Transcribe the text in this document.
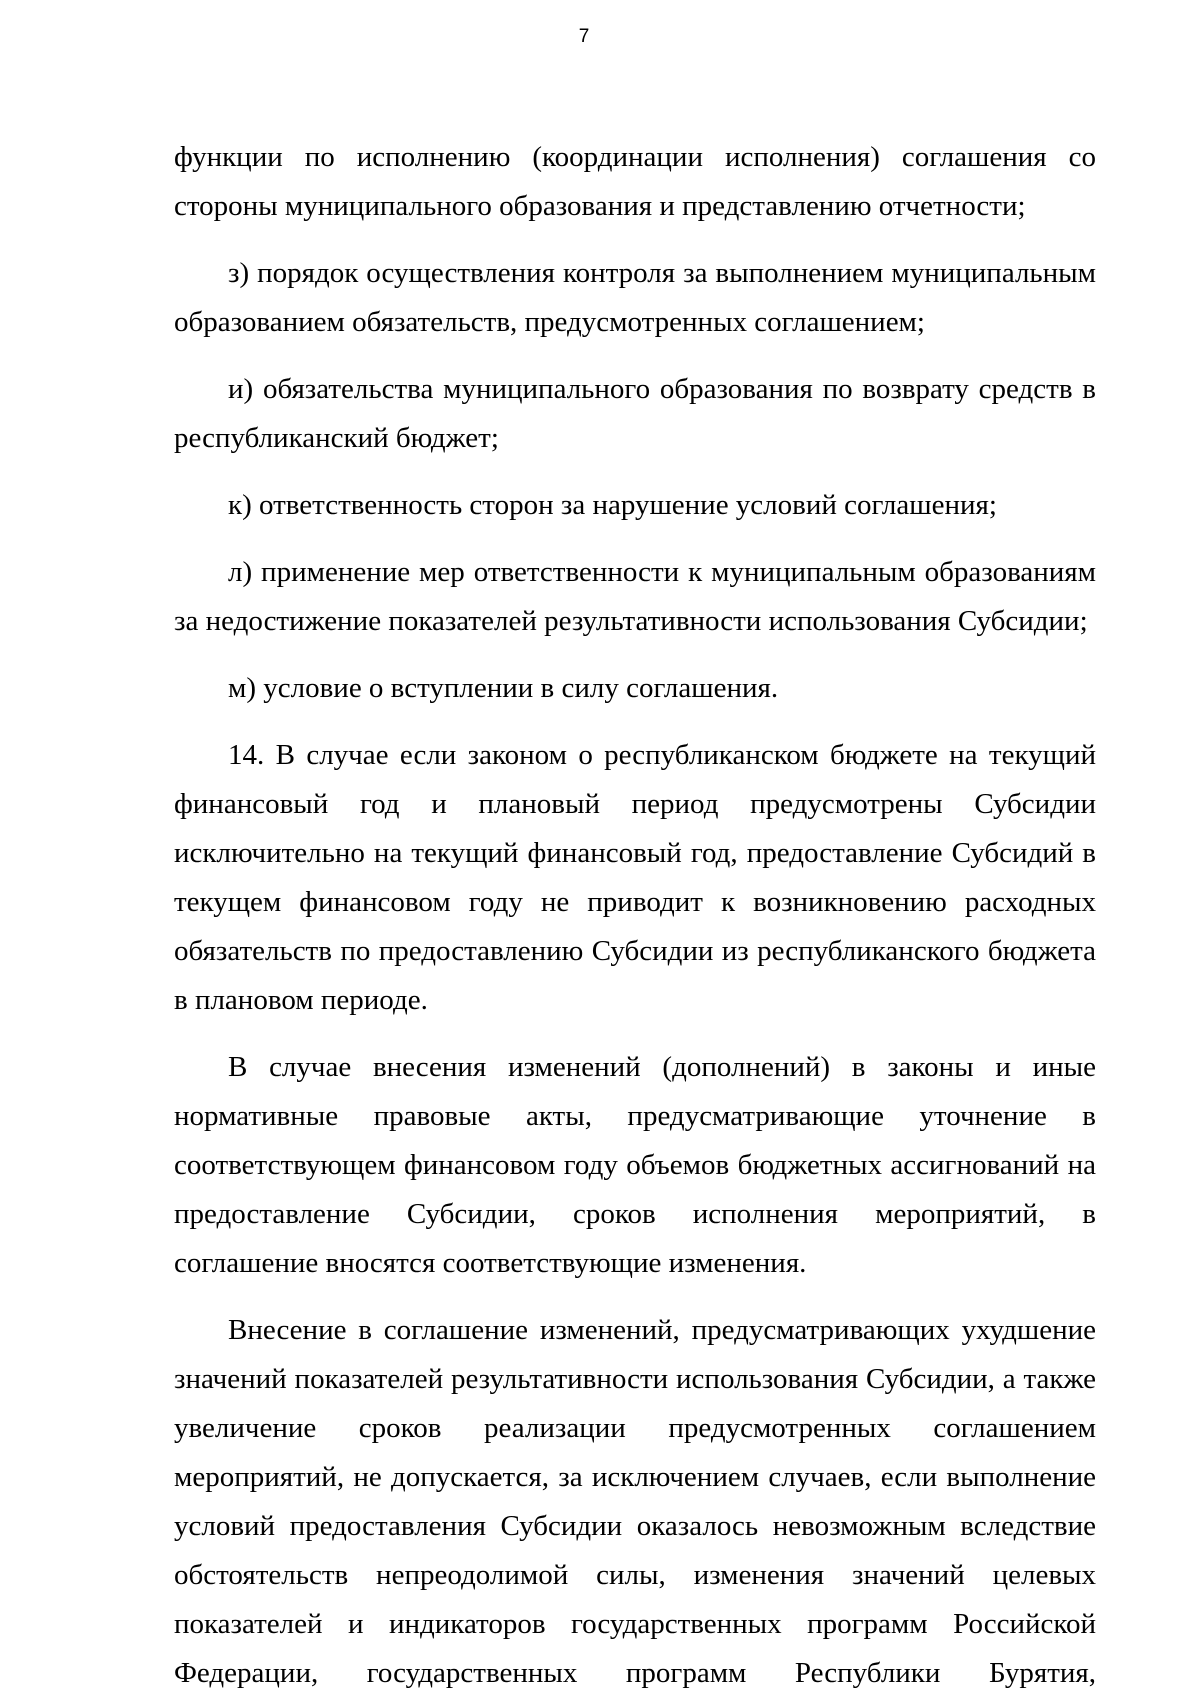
7

функции по исполнению (координации исполнения) соглашения со стороны муниципального образования и представлению отчетности;

з) порядок осуществления контроля за выполнением муниципальным образованием обязательств, предусмотренных соглашением;

и) обязательства муниципального образования по возврату средств в республиканский бюджет;

к) ответственность сторон за нарушение условий соглашения;

л) применение мер ответственности к муниципальным образованиям за недостижение показателей результативности использования Субсидии;

м) условие о вступлении в силу соглашения.

14. В случае если законом о республиканском бюджете на текущий финансовый год и плановый период предусмотрены Субсидии исключительно на текущий финансовый год, предоставление Субсидий в текущем финансовом году не приводит к возникновению расходных обязательств по предоставлению Субсидии из республиканского бюджета в плановом периоде.

В случае внесения изменений (дополнений) в законы и иные нормативные правовые акты, предусматривающие уточнение в соответствующем финансовом году объемов бюджетных ассигнований на предоставление Субсидии, сроков исполнения мероприятий, в соглашение вносятся соответствующие изменения.

Внесение в соглашение изменений, предусматривающих ухудшение значений показателей результативности использования Субсидии, а также увеличение сроков реализации предусмотренных соглашением мероприятий, не допускается, за исключением случаев, если выполнение условий предоставления Субсидии оказалось невозможным вследствие обстоятельств непреодолимой силы, изменения значений целевых показателей и индикаторов государственных программ Российской Федерации, государственных программ Республики Бурятия,
